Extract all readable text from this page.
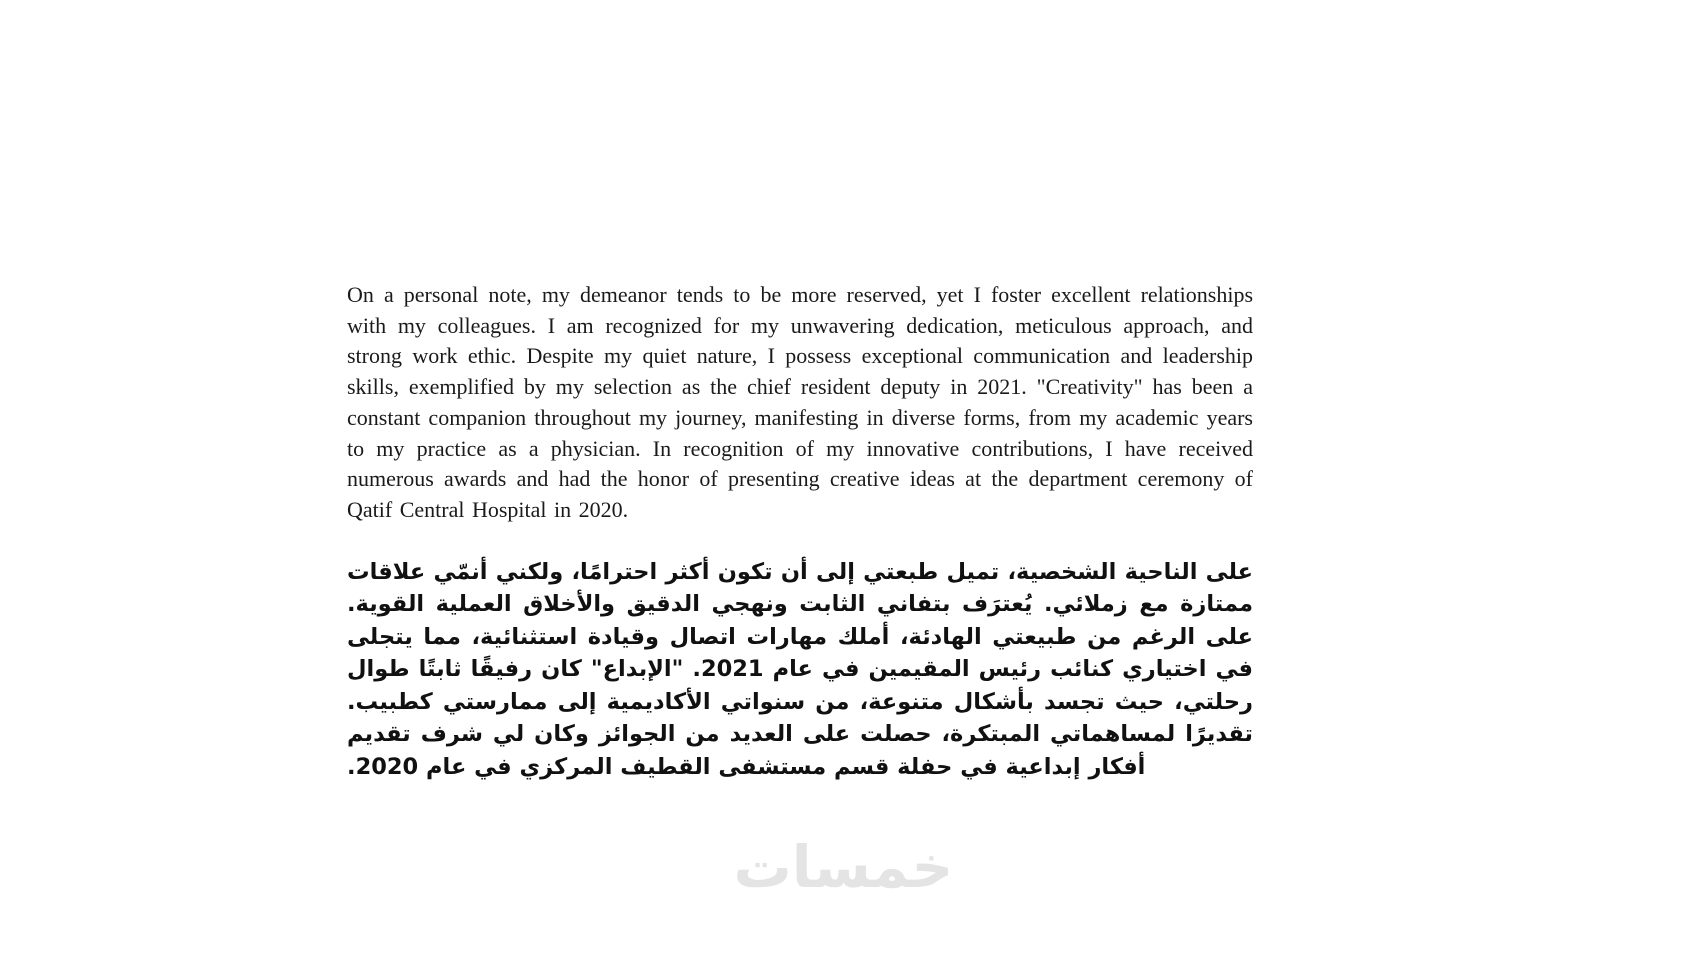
On a personal note, my demeanor tends to be more reserved, yet I foster excellent relationships with my colleagues. I am recognized for my unwavering dedication, meticulous approach, and strong work ethic. Despite my quiet nature, I possess exceptional communication and leadership skills, exemplified by my selection as the chief resident deputy in 2021. "Creativity" has been a constant companion throughout my journey, manifesting in diverse forms, from my academic years to my practice as a physician. In recognition of my innovative contributions, I have received numerous awards and had the honor of presenting creative ideas at the department ceremony of Qatif Central Hospital in 2020.

على الناحية الشخصية، تميل طبعتي إلى أن تكون أكثر احترامًا، ولكني أنمّي علاقات ممتازة مع زملائي. يُعترَف بتفاني الثابت ونهجي الدقيق والأخلاق العملية القوية. على الرغم من طبيعتي الهادئة، أملك مهارات اتصال وقيادة استثنائية، مما يتجلى في اختياري كنائب رئيس المقيمين في عام 2021. "الإبداع" كان رفيقًا ثابتًا طوال رحلتي، حيث تجسد بأشكال متنوعة، من سنواتي الأكاديمية إلى ممارستي كطبيب. تقديرًا لمساهماتي المبتكرة، حصلت على العديد من الجوائز وكان لي شرف تقديم أفكار إبداعية في حفلة قسم مستشفى القطيف المركزي في عام 2020.

خمسات
